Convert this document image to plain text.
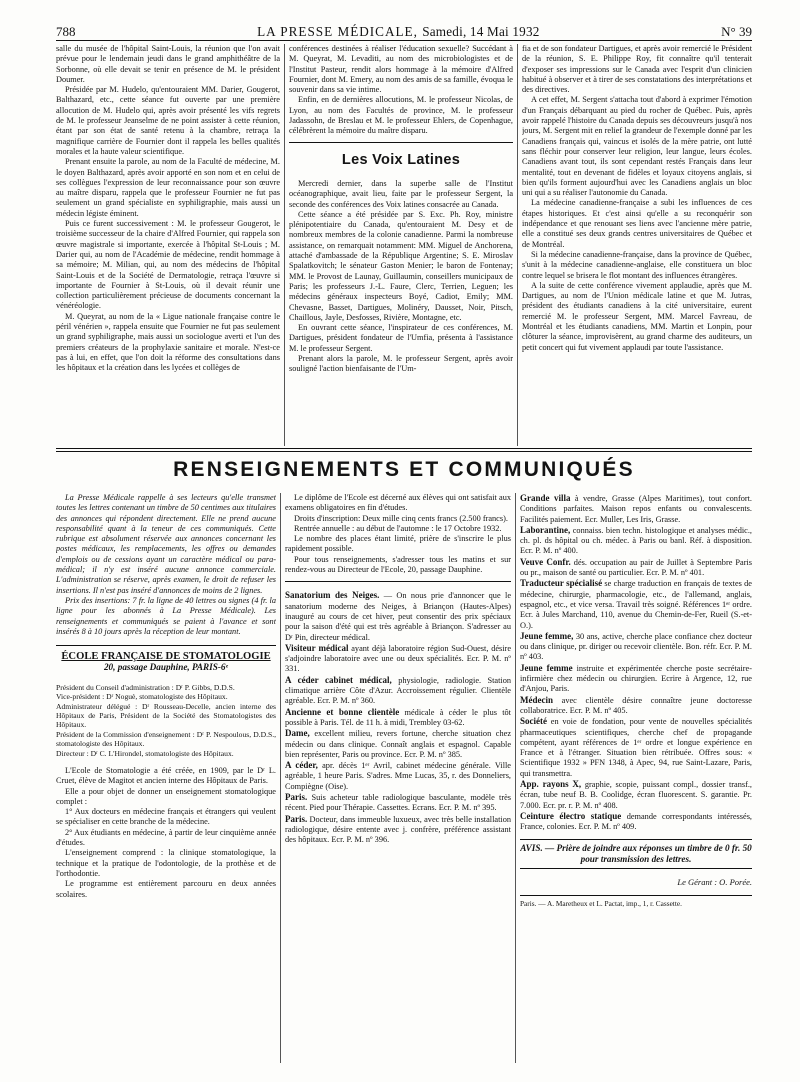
788	LA PRESSE MÉDICALE, Samedi, 14 Mai 1932	N° 39

salle du musée de l'hôpital Saint-Louis, la réunion que l'on avait prévue pour le lendemain jeudi dans le grand amphithéâtre de la Sorbonne, où elle devait se tenir en présence de M. le président Doumer.

Présidée par M. Hudelo, qu'entouraient MM. Darier, Gougerot, Balthazard, etc., cette séance fut ouverte par une première allocution de M. Hudelo qui, après avoir présenté les vifs regrets de M. le professeur Jeanselme de ne point assister à cette réunion, étant par son état de santé retenu à la chambre, retraça la magnifique carrière de Fournier dont il rappela les belles qualités morales et la haute valeur scientifique.

Prenant ensuite la parole, au nom de la Faculté de médecine, M. le doyen Balthazard, après avoir apporté en son nom et en celui de ses collègues l'expression de leur reconnaissance pour son œuvre au maître disparu, rappela que le professeur Fournier ne fut pas seulement un grand spécialiste en syphiligraphie, mais aussi un médecin légiste éminent.

Puis ce furent successivement : M. le professeur Gougerot, le troisième successeur de la chaire d'Alfred Fournier, qui rappela son œuvre magistrale si importante, exercée à l'hôpital St-Louis ; M. Darier qui, au nom de l'Académie de médecine, rendit hommage à sa mémoire; M. Milian, qui, au nom des médecins de l'hôpital Saint-Louis et de la Société de Dermatologie, retraça l'œuvre si importante de Fournier à St-Louis, où il devait réunir une collection particulièrement précieuse de documents concernant la vénéréologie.

M. Queyrat, au nom de la « Ligue nationale française contre le péril vénérien », rappela ensuite que Fournier ne fut pas seulement un grand syphiligraphe, mais aussi un sociologue averti et l'un des premiers créateurs de la prophylaxie sanitaire et morale. N'est-ce pas à lui, en effet, que l'on doit la réforme des consultations dans les hôpitaux et la création dans les lycées et collèges de

conférences destinées à réaliser l'éducation sexuelle? Succédant à M. Queyrat, M. Levaditi, au nom des microbiologistes et de l'Institut Pasteur, rendit alors hommage à la mémoire d'Alfred Fournier, dont M. Emery, au nom des amis de sa famille, évoqua le souvenir dans sa vie intime.

Enfin, en de dernières allocutions, M. le professeur Nicolas, de Lyon, au nom des Facultés de province, M. le professeur Jadassohn, de Breslau et M. le professeur Ehlers, de Copenhague, célébrèrent la mémoire du maître disparu.

Les Voix Latines

Mercredi dernier, dans la superbe salle de l'Institut océanographique, avait lieu, faite par le professeur Sergent, la seconde des conférences des Voix latines consacrée au Canada.

Cette séance a été présidée par S. Exc. Ph. Roy, ministre plénipotentiaire du Canada, qu'entouraient M. Desy et de nombreux membres de la colonie canadienne. Parmi la nombreuse assistance, on remarquait notamment: MM. Miguel de Anchorena, attaché d'ambassade de la République Argentine; S. E. Miroslav Spalatkovitch; le sénateur Gaston Menier; le baron de Fontenay; MM. le Provost de Launay, Guillaumin, conseillers municipaux de Paris; les professeurs J.-L. Faure, Clerc, Terrien, Leguen; les médecins généraux inspecteurs Boyé, Cadiot, Emily; MM. Chevasne, Basset, Dartigues, Molinéry, Dausset, Noir, Pitsch, Chaillous, Jayle, Desfosses, Rivière, Montagne, etc.

En ouvrant cette séance, l'inspirateur de ces conférences, M. Dartigues, président fondateur de l'Umfia, présenta à l'assistance M. le professeur Sergent.

Prenant alors la parole, M. le professeur Sergent, après avoir souligné l'action bienfaisante de l'Um-

fia et de son fondateur Dartigues, et après avoir remercié le Président de la réunion, S. E. Philippe Roy, fit connaître qu'il tenterait d'exposer ses impressions sur le Canada avec l'esprit d'un clinicien habitué à observer et à tirer de ses constatations des interprétations et des directives.

A cet effet, M. Sergent s'attacha tout d'abord à exprimer l'émotion d'un Français débarquant au pied du rocher de Québec. Puis, après avoir rappelé l'histoire du Canada depuis ses découvreurs jusqu'à nos jours, M. Sergent mit en relief la grandeur de l'exemple donné par les Canadiens français qui, vaincus et isolés de la mère patrie, ont lutté sans fléchir pour conserver leur religion, leur langue, leurs écoles. Canadiens avant tout, ils sont cependant restés Français dans leur mentalité, tout en devenant de fidèles et loyaux citoyens anglais, si bien qu'ils forment aujourd'hui avec les Canadiens anglais un bloc uni qui a su réaliser l'autonomie du Canada.

La médecine canadienne-française a subi les influences de ces étapes historiques. Et c'est ainsi qu'elle a su reconquérir son indépendance et que renouant ses liens avec l'ancienne mère patrie, elle a constitué ses deux grands centres universitaires de Québec et de Montréal.

Si la médecine canadienne-française, dans la province de Québec, s'unit à la médecine canadienne-anglaise, elle constituera un bloc contre lequel se brisera le flot montant des influences étrangères.

A la suite de cette conférence vivement applaudie, après que M. Dartigues, au nom de l'Union médicale latine et que M. Jutras, président des étudiants canadiens à la cité universitaire, eurent remercié M. le professeur Sergent, MM. Marcel Favreau, de Montréal et les étudiants canadiens, MM. Martin et Lonpin, pour clôturer la séance, improvisèrent, au grand charme des auditeurs, un petit concert qui fut vivement applaudi par toute l'assistance.

RENSEIGNEMENTS ET COMMUNIQUÉS

La Presse Médicale rappelle à ses lecteurs qu'elle transmet toutes les lettres contenant un timbre de 50 centimes aux titulaires des annonces qui répondent directement. Elle ne prend aucune responsabilité quant à la teneur de ces communiqués. Cette rubrique est absolument réservée aux annonces concernant les postes médicaux, les remplacements, les offres ou demandes d'emplois ou de cessions ayant un caractère médical ou para-médical; il n'y est inséré aucune annonce commerciale. L'administration se réserve, après examen, le droit de refuser les insertions. Il n'est pas inséré d'annonces de moins de 2 lignes.

Prix des insertions: 7 fr. la ligne de 40 lettres ou signes (4 fr. la ligne pour les abonnés à La Presse Médicale). Les renseignements et communiqués se paient à l'avance et sont insérés 8 à 10 jours après la réception de leur montant.

ÉCOLE FRANÇAISE DE STOMATOLOGIE
20, passage Dauphine, PARIS-6ᵉ

Président du Conseil d'administration : Dʳ P. Gibbs, D.D.S.

Vice-président : Dʳ Noguè, stomatologiste des Hôpitaux.

Administrateur délégué : Dʳ Rousseau-Decelle, ancien interne des Hôpitaux de Paris, Président de la Société des Stomatologistes des Hôpitaux.

Président de la Commission d'enseignement : Dʳ P. Nespoulous, D.D.S., stomatologiste des Hôpitaux.

Directeur : Dʳ C. L'Hirondel, stomatologiste des Hôpitaux.

L'Ecole de Stomatologie a été créée, en 1909, par le Dʳ L. Cruet, élève de Magitot et ancien interne des Hôpitaux de Paris.

Elle a pour objet de donner un enseignement stomatologique complet :

1° Aux docteurs en médecine français et étrangers qui veulent se spécialiser en cette branche de la médecine.

2° Aux étudiants en médecine, à partir de leur cinquième année d'études.

L'enseignement comprend : la clinique stomatologique, la technique et la pratique de l'odontologie, de la prothèse et de l'orthodontie.

Le programme est entièrement parcouru en deux années scolaires.

Le diplôme de l'Ecole est décerné aux élèves qui ont satisfait aux examens obligatoires en fin d'études.

Droits d'inscription: Deux mille cinq cents francs (2.500 francs).

Rentrée annuelle : au début de l'automne : le 17 Octobre 1932.

Le nombre des places étant limité, prière de s'inscrire le plus rapidement possible.

Pour tous renseignements, s'adresser tous les matins et sur rendez-vous au Directeur de l'Ecole, 20, passage Dauphine.

Sanatorium des Neiges. — On nous prie d'annoncer que le sanatorium moderne des Neiges, à Briançon (Hautes-Alpes) inauguré au cours de cet hiver, peut consentir des prix spéciaux pour la saison d'été qui est très agréable à Briançon. S'adresser au Dʳ Pin, directeur médical.

Visiteur médical ayant déjà laboratoire région Sud-Ouest, désire s'adjoindre laboratoire avec une ou deux spécialités. Ecr. P. M. nº 331.

A céder cabinet médical, physiologie, radiologie. Station climatique arrière Côte d'Azur. Accroissement régulier. Clientèle agréable. Ecr. P. M. nº 360.

Ancienne et bonne clientèle médicale à céder le plus tôt possible à Paris. Tél. de 11 h. à midi, Trembley 03-62.

Dame, excellent milieu, revers fortune, cherche situation chez médecin ou dans clinique. Connaît anglais et espagnol. Capable bien représenter, Paris ou province. Ecr. P. M. nº 385.

A céder, apr. décès 1ᵉʳ Avril, cabinet médecine générale. Ville agréable, 1 heure Paris. S'adres. Mme Lucas, 35, r. des Donneliers, Compiègne (Oise).

Paris. Suis acheteur table radiologique basculante, modèle très récent. Pied pour Thérapie. Cassettes. Ecrans. Ecr. P. M. nº 395.

Paris. Docteur, dans immeuble luxueux, avec très belle installation radiologique, désire entente avec j. confrère, préférence assistant des hôpitaux. Ecr. P. M. nº 396.

Grande villa à vendre, Grasse (Alpes Maritimes), tout confort. Conditions parfaites. Maison repos enfants ou convalescents. Facilités paiement. Ecr. Muller, Les Iris, Grasse.

Laborantine, connaiss. bien techn. histologique et analyses médic., ch. pl. ds hôpital ou ch. médec. à Paris ou banl. Réf. à disposition. Ecr. P. M. nº 400.

Veuve Confr. dés. occupation au pair de Juillet à Septembre Paris ou pr., maison de santé ou particulier. Ecr. P. M. nº 401.

Traducteur spécialisé se charge traduction en français de textes de médecine, chirurgie, pharmacologie, etc., de l'allemand, anglais, espagnol, etc., et vice versa. Travail très soigné. Références 1ᵉʳ ordre. Ecr. à Jules Marchand, 110, avenue du Chemin-de-Fer, Rueil (S.-et-O.).

Jeune femme, 30 ans, active, cherche place confiance chez docteur ou dans clinique, pr. diriger ou recevoir clientèle. Bon. réfr. Ecr. P. M. nº 403.

Jeune femme instruite et expérimentée cherche poste secrétaire-infirmière chez médecin ou chirurgien. Ecrire à Argence, 12, rue d'Anjou, Paris.

Médecin avec clientèle désire connaître jeune doctoresse collaboratrice. Ecr. P. M. nº 405.

Société en voie de fondation, pour vente de nouvelles spécialités pharmaceutiques scientifiques, cherche chef de propagande compétent, ayant références de 1ᵉʳ ordre et longue expérience en France et à l'étranger. Situation bien rétribuée. Offres sous: « Scientifique 1932 » PFN 1348, à Apec, 94, rue Saint-Lazare, Paris, qui transmettra.

App. rayons X, graphie, scopie, puissant compl., dossier transf., écran, tube neuf B. B. Coolidge, écran fluorescent. S. garantie. Pr. 7.000. Ecr. pr. r. P. M. nº 408.

Ceinture électro statique demande correspondants intéressés, France, colonies. Ecr. P. M. nº 409.

AVIS. — Prière de joindre aux réponses un timbre de 0 fr. 50 pour transmission des lettres.
Le Gérant : O. Porée.
Paris. — A. Maretheux et L. Pactat, imp., 1, r. Cassette.
